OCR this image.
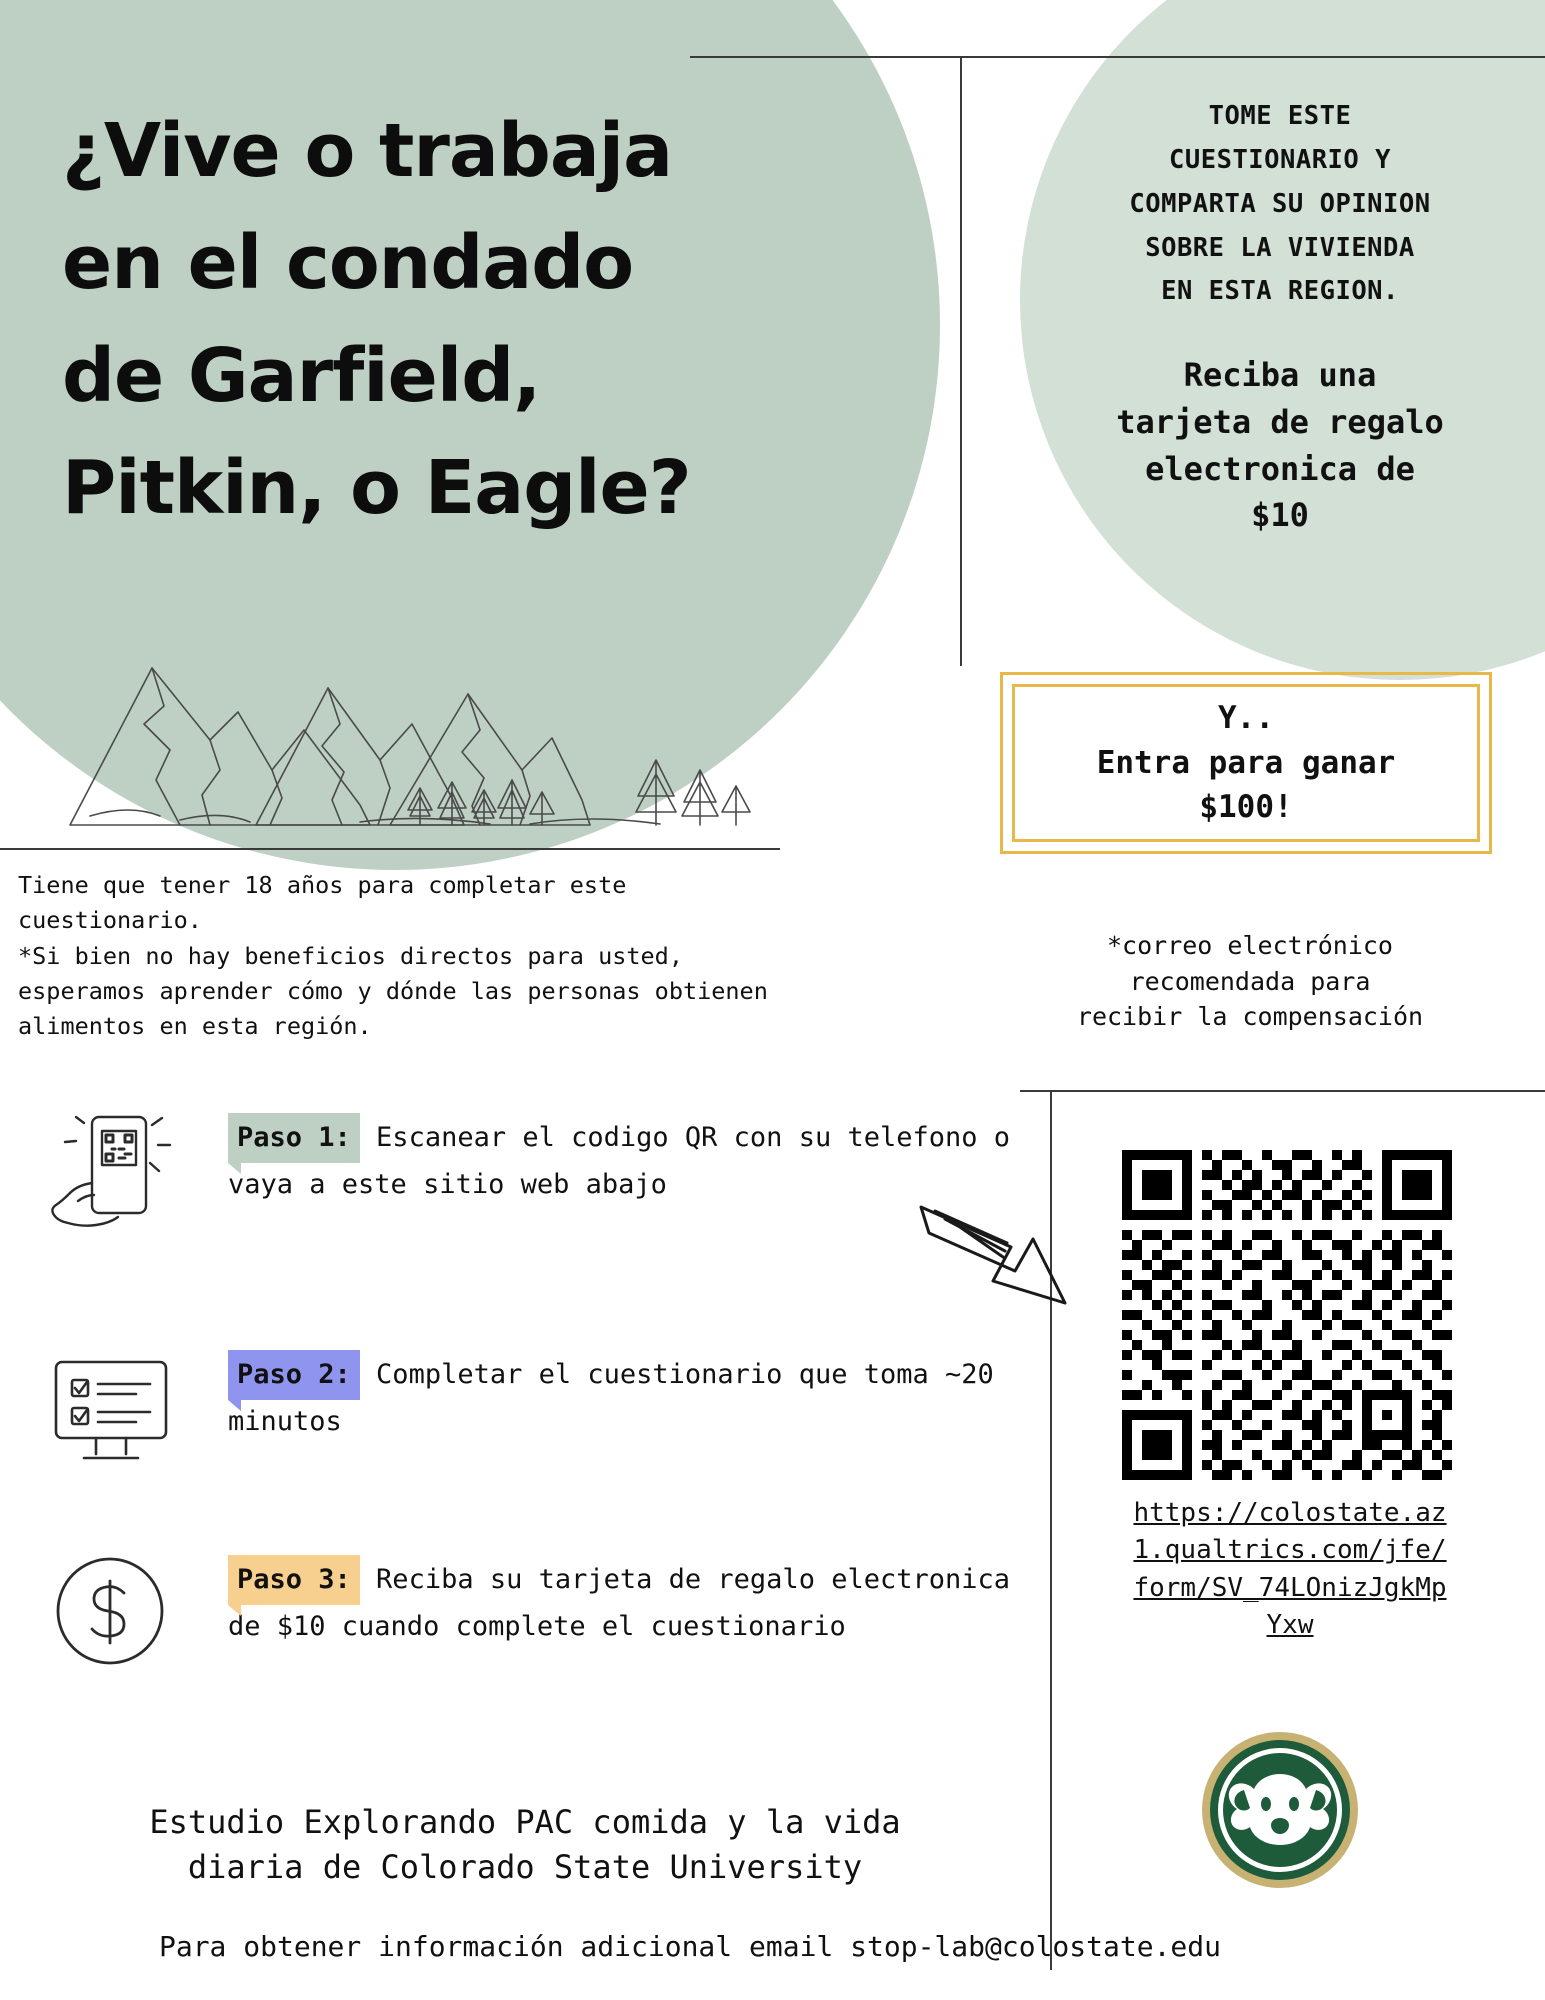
¿Vive o trabaja
en el condado
de Garfield,
Pitkin, o Eagle?
TOME ESTE
CUESTIONARIO Y
COMPARTA SU OPINION
SOBRE LA VIVIENDA
EN ESTA REGION.
Reciba una
tarjeta de regalo
electronica de
$10
Y..
Entra para ganar
$100!
*correo electrónico
recomendada para
recibir la compensación
Tiene que tener 18 años para completar este
cuestionario.
*Si bien no hay beneficios directos para usted,
esperamos aprender cómo y dónde las personas obtienen
alimentos en esta región.
Paso 1: Escanear el codigo QR con su telefono o vaya a este sitio web abajo
Paso 2: Completar el cuestionario que toma ~20 minutos
Paso 3: Reciba su tarjeta de regalo electronica de $10 cuando complete el cuestionario
https://colostate.az
1.qualtrics.com/jfe/
form/SV_74LOnizJgkMp
Yxw
Estudio Explorando PAC comida y la vida
diaria de Colorado State University
Para obtener información adicional email stop-lab@colostate.edu
